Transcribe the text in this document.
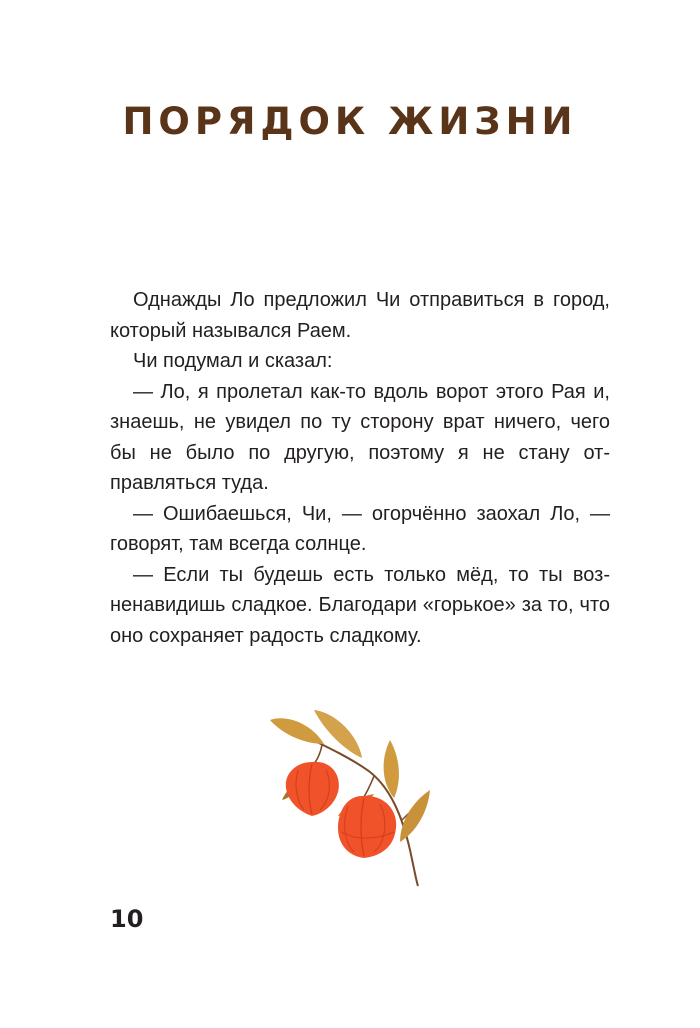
ПОРЯДОК ЖИЗНИ

Однажды Ло предложил Чи отправиться в город, который назывался Раем.

Чи подумал и сказал:

— Ло, я пролетал как-то вдоль ворот этого Рая и, знаешь, не увидел по ту сторону врат ничего, чего бы не было по другую, поэтому я не стану отправляться туда.

— Ошибаешься, Чи, — огорчённо заохал Ло, — говорят, там всегда солнце.

— Если ты будешь есть только мёд, то ты возненавидишь сладкое. Благодари «горькое» за то, что оно сохраняет радость сладкому.

10
